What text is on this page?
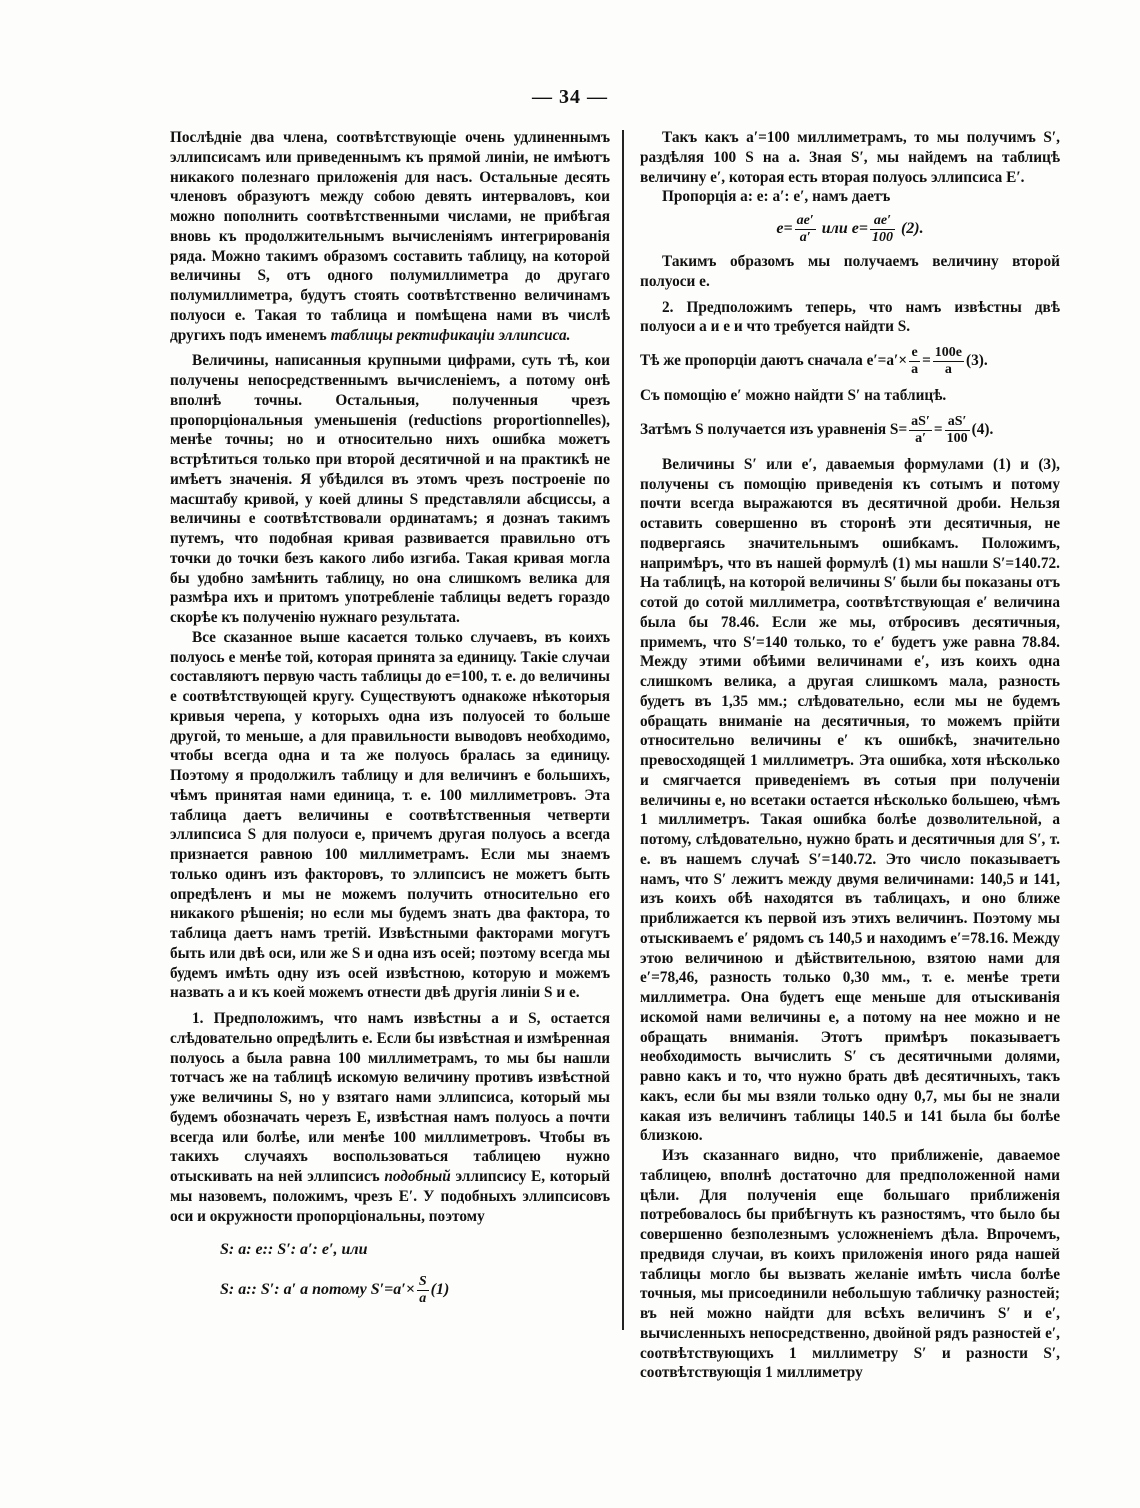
— 34 —

Послѣдніе два члена, соотвѣтствующіе очень удлиненнымъ эллипсисамъ или приведеннымъ къ прямой линіи, не имѣютъ никакого полезнаго приложенія для насъ. Остальные десять членовъ образуютъ между собою девять интерваловъ, кои можно пополнить соотвѣтственными числами, не прибѣгая вновь къ продолжительнымъ вычисленіямъ интегрированія ряда. Можно такимъ образомъ составить таблицу, на которой величины S, отъ одного полумиллиметра до другаго полумиллиметра, будутъ стоять соотвѣтственно величинамъ полуоси e. Такая то таблица и помѣщена нами въ числѣ другихъ подъ именемъ таблицы ректификаціи эллипсиса.

Величины, написанныя крупными цифрами, суть тѣ, кои получены непосредственнымъ вычисленіемъ, а потому онѣ вполнѣ точны. Остальныя, полученныя чрезъ пропорціональныя уменьшенія (reductions proportionnelles), менѣе точны; но и относительно нихъ ошибка можетъ встрѣтиться только при второй десятичной и на практикѣ не имѣетъ значенія. Я убѣдился въ этомъ чрезъ построеніе по масштабу кривой, у коей длины S представляли абсциссы, а величины e соотвѣтствовали ординатамъ; я дознаъ такимъ путемъ, что подобная кривая развивается правильно отъ точки до точки безъ какого либо изгиба. Такая кривая могла бы удобно замѣнить таблицу, но она слишкомъ велика для размѣра ихъ и притомъ употребленіе таблицы ведетъ гораздо скорѣе къ полученію нужнаго результата.

Все сказанное выше касается только случаевъ, въ коихъ полуось e менѣе той, которая принята за единицу. Такіе случаи составляютъ первую часть таблицы до e=100, т. е. до величины e соотвѣтствующей кругу. Существуютъ однакоже нѣкоторыя кривыя черепа, у которыхъ одна изъ полуосей то больше другой, то меньше, а для правильности выводовъ необходимо, чтобы всегда одна и та же полуось бралась за единицу. Поэтому я продолжилъ таблицу и для величинъ e большихъ, чѣмъ принятая нами единица, т. е. 100 миллиметровъ. Эта таблица даетъ величины e соотвѣтственныя четверти эллипсиса S для полуоси e, причемъ другая полуось a всегда признается равною 100 миллиметрамъ. Если мы знаемъ только одинъ изъ факторовъ, то эллипсисъ не можетъ быть опредѣленъ и мы не можемъ получить относительно его никакого рѣшенія; но если мы будемъ знать два фактора, то таблица даетъ намъ третій. Извѣстными факторами могутъ быть или двѣ оси, или же S и одна изъ осей; поэтому всегда мы будемъ имѣть одну изъ осей извѣстною, которую и можемъ назвать a и къ коей можемъ отнести двѣ другія линіи S и e.

1. Предположимъ, что намъ извѣстны a и S, остается слѣдовательно опредѣлить e. Если бы извѣстная и измѣренная полуось a была равна 100 миллиметрамъ, то мы бы нашли тотчасъ же на таблицѣ искомую величину противъ извѣстной уже величины S, но у взятаго нами эллипсиса, который мы будемъ обозначать черезъ E, извѣстная намъ полуось a почти всегда или болѣе, или менѣе 100 миллиметровъ. Чтобы въ такихъ случаяхъ воспользоваться таблицею нужно отыскивать на ней эллипсисъ подобный эллипсису E, который мы назовемъ, положимъ, чрезъ E′. У подобныхъ эллипсисовъ оси и окружности пропорціональны, поэтому

S: a: e:: S′: a′: e′, или
S: a:: S′: a′ а потому $S'=a'\times \frac{S}{a} (1)$

Такъ какъ a′=100 миллиметрамъ, то мы получимъ S′, раздѣляя 100 S на a. Зная S′, мы найдемъ на таблицѣ величину e′, которая есть вторая полуось эллипсиса E′.

Пропорція a: e: a′: e′, намъ даетъ

$e= \frac{ae'}{a'}$ или $e= \frac{ae'}{100} (2)$.

Такимъ образомъ мы получаемъ величину второй полуоси e.

2. Предположимъ теперь, что намъ извѣстны двѣ полуоси a и e и что требуется найдти S.

Тѣ же пропорціи даютъ сначала $e'=a'\times \frac{e}{a} = \frac{100e}{a} (3)$.

Съ помощію e′ можно найдти S′ на таблицѣ.

Затѣмъ S получается изъ уравненія $S= \frac{aS'}{a'} = \frac{aS'}{100} (4)$.

Величины S′ или e′, даваемыя формулами (1) и (3), получены съ помощію приведенія къ сотымъ и потому почти всегда выражаются въ десятичной дроби. Нельзя оставить совершенно въ сторонѣ эти десятичныя, не подвергаясь значительнымъ ошибкамъ. Положимъ, напримѣръ, что въ нашей формулѣ (1) мы нашли S′=140.72. На таблицѣ, на которой величины S′ были бы показаны отъ сотой до сотой миллиметра, соотвѣтствующая e′ величина была бы 78.46. Если же мы, отбросивъ десятичныя, примемъ, что S′=140 только, то e′ будетъ уже равна 78.84. Между этими обѣими величинами e′, изъ коихъ одна слишкомъ велика, а другая слишкомъ мала, разность будетъ въ 1,35 мм.; слѣдовательно, если мы не будемъ обращать вниманіе на десятичныя, то можемъ прійти относительно величины e′ къ ошибкѣ, значительно превосходящей 1 миллиметръ. Эта ошибка, хотя нѣсколько и смягчается приведеніемъ въ сотыя при полученіи величины e, но всетаки остается нѣсколько большею, чѣмъ 1 миллиметръ. Такая ошибка болѣе дозволительной, а потому, слѣдовательно, нужно брать и десятичныя для S′, т. е. въ нашемъ случаѣ S′=140.72. Это число показываетъ намъ, что S′ лежитъ между двумя величинами: 140,5 и 141, изъ коихъ обѣ находятся въ таблицахъ, и оно ближе приближается къ первой изъ этихъ величинъ. Поэтому мы отыскиваемъ e′ рядомъ съ 140,5 и находимъ e′=78.16. Между этою величиною и дѣйствительною, взятою нами для e′=78,46, разность только 0,30 мм., т. е. менѣе трети миллиметра. Она будетъ еще меньше для отыскиванія искомой нами величины e, а потому на нее можно и не обращать вниманія. Этотъ примѣръ показываетъ необходимость вычислить S′ съ десятичными долями, равно какъ и то, что нужно брать двѣ десятичныхъ, такъ какъ, если бы мы взяли только одну 0,7, мы бы не знали какая изъ величинъ таблицы 140.5 и 141 была бы болѣе близкою.

Изъ сказаннаго видно, что приближеніе, даваемое таблицею, вполнѣ достаточно для предположенной нами цѣли. Для полученія еще большаго приближенія потребовалось бы прибѣгнуть къ разностямъ, что было бы совершенно безполезнымъ усложненіемъ дѣла. Впрочемъ, предвидя случаи, въ коихъ приложенія иного ряда нашей таблицы могло бы вызвать желаніе имѣть числа болѣе точныя, мы присоединили небольшую табличку разностей; въ ней можно найдти для всѣхъ величинъ S′ и e′, вычисленныхъ непосредственно, двойной рядъ разностей e′, соотвѣтствующихъ 1 миллиметру S′ и разности S′, соотвѣтствующія 1 миллиметру
